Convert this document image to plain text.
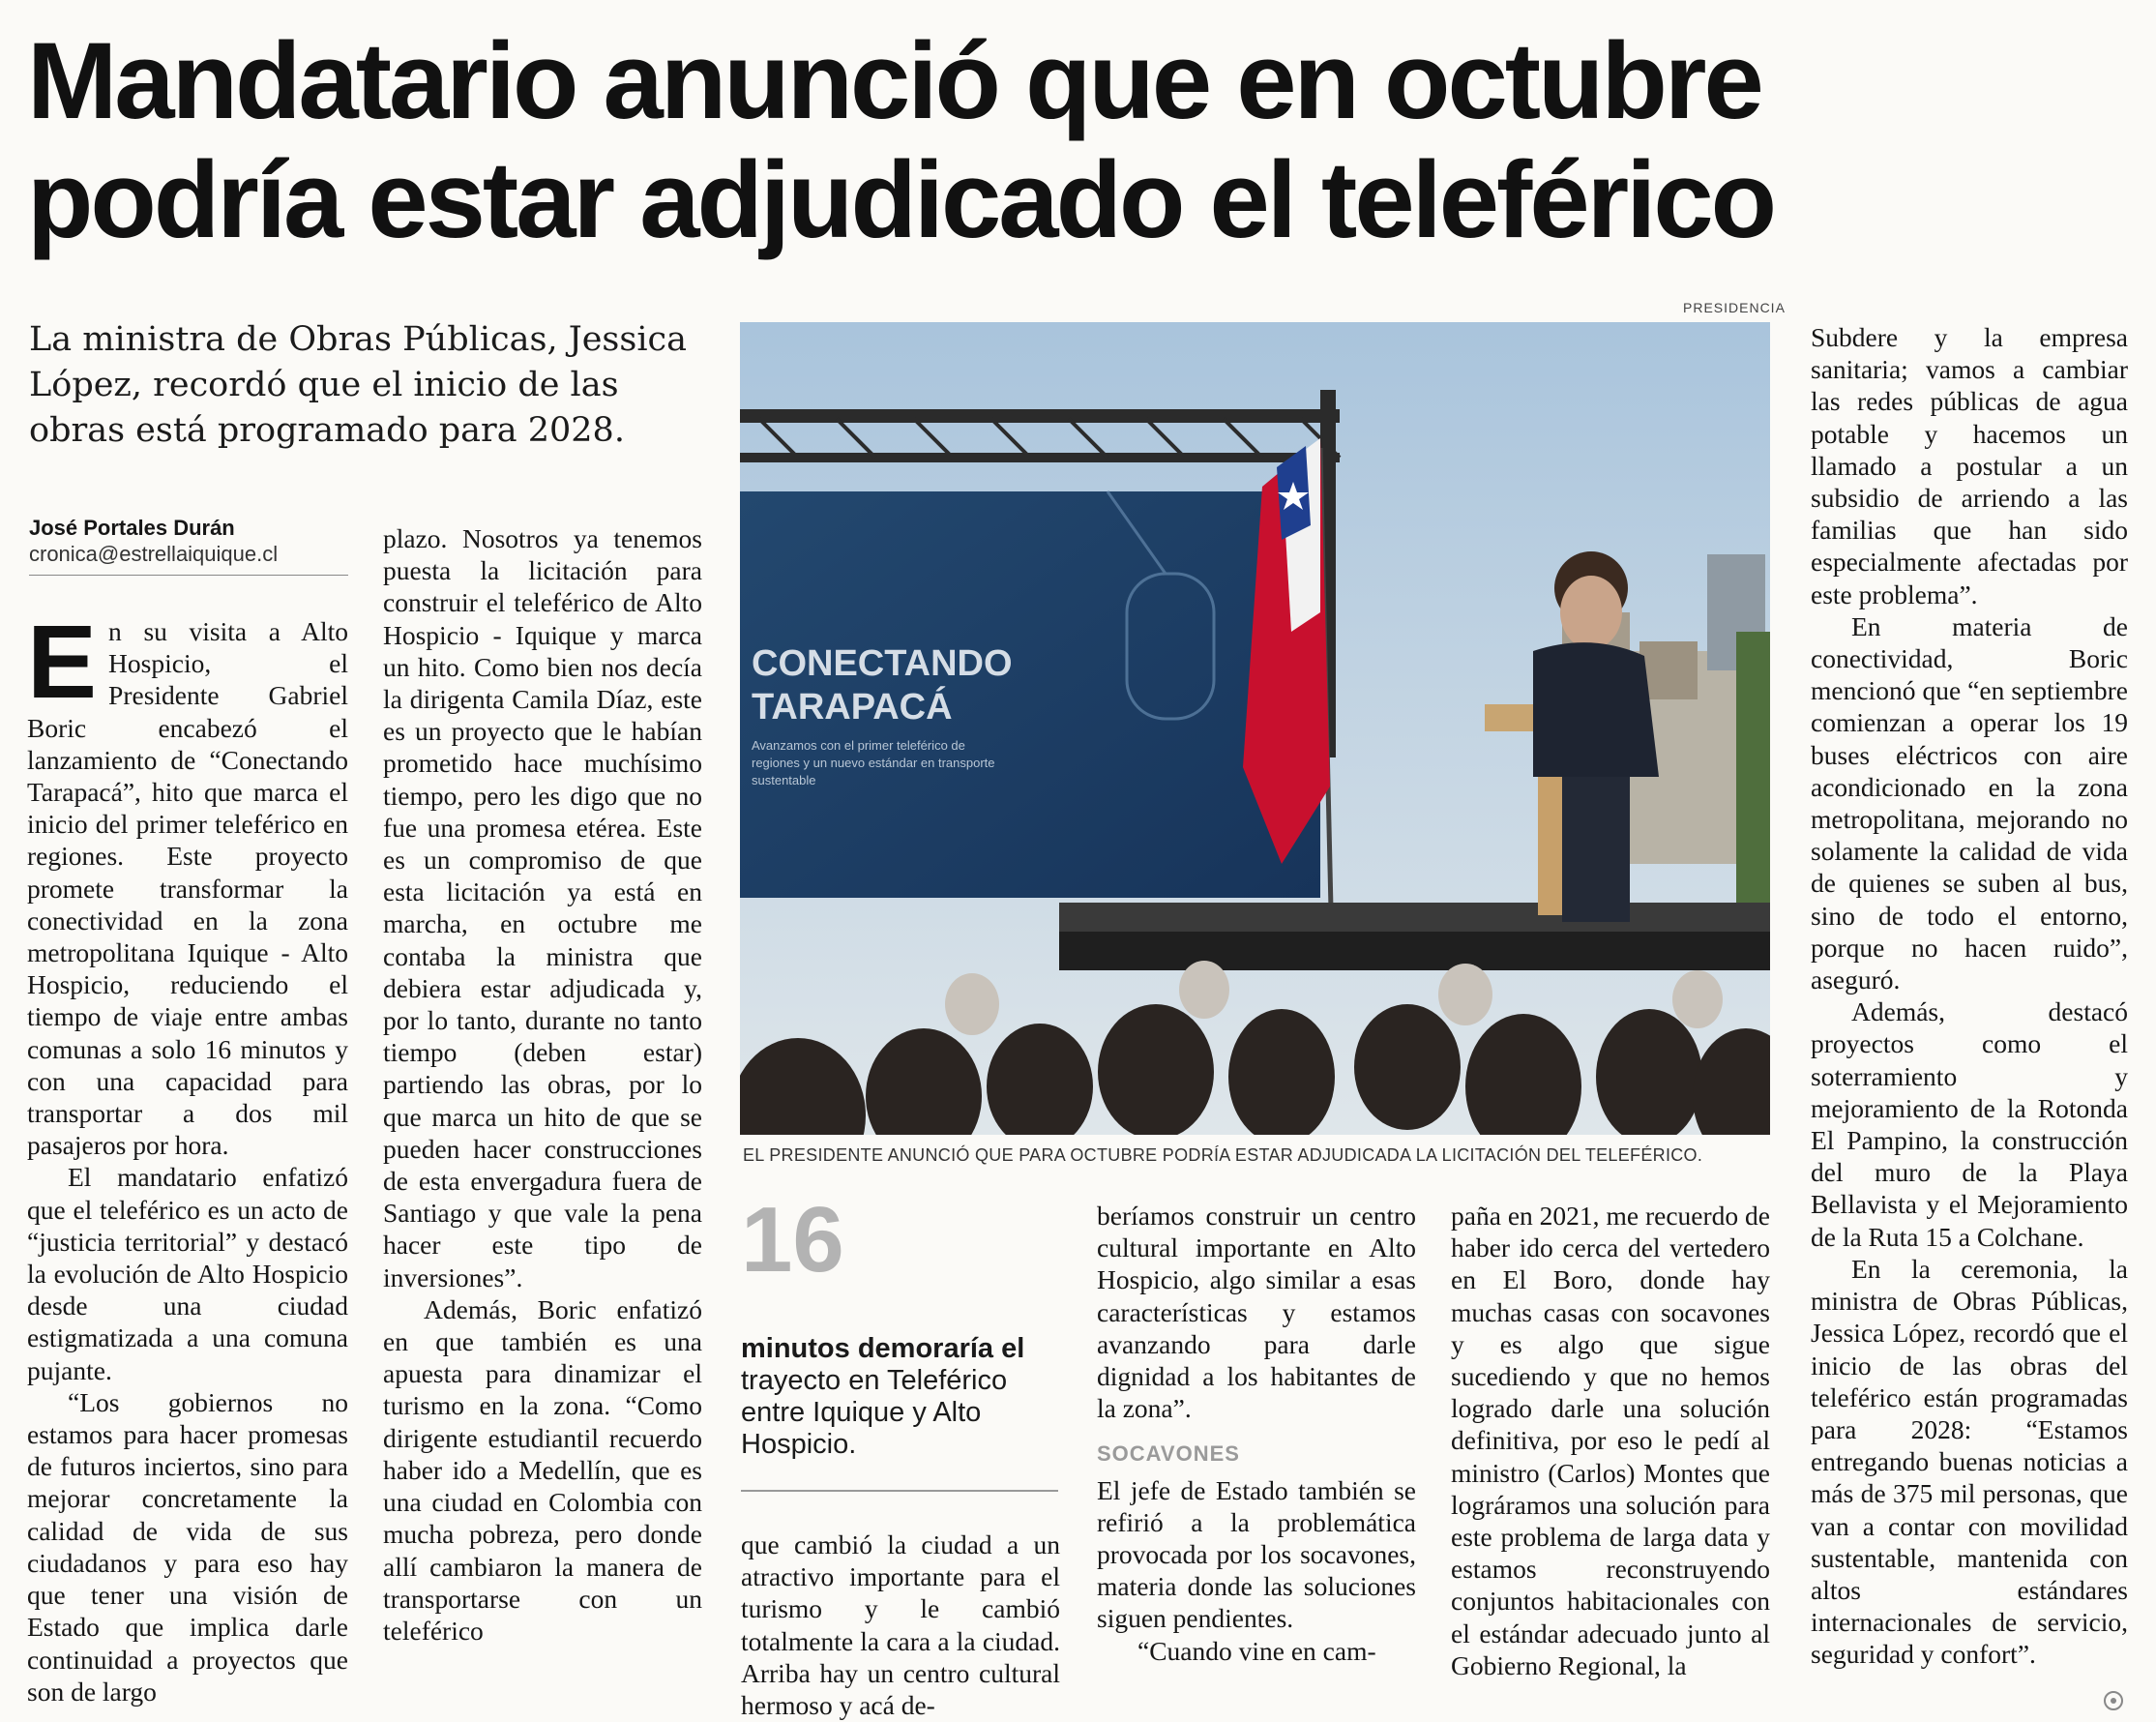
Mandatario anunció que en octubre
podría estar adjudicado el teleférico
La ministra de Obras Públicas, Jessica López, recordó que el inicio de las obras está programado para 2028.
José Portales Durán
cronica@estrellaiquique.cl

En su visita a Alto Hospicio, el Presidente Gabriel Boric encabezó el lanzamiento de “Conectando Tarapacá”, hito que marca el inicio del primer teleférico en regiones. Este proyecto promete transformar la conectividad en la zona metropolitana Iquique - Alto Hospicio, reduciendo el tiempo de viaje entre ambas comunas a solo 16 minutos y con una capacidad para transportar a dos mil pasajeros por hora.

El mandatario enfatizó que el teleférico es un acto de “justicia territorial” y destacó la evolución de Alto Hospicio desde una ciudad estigmatizada a una comuna pujante.

“Los gobiernos no estamos para hacer promesas de futuros inciertos, sino para mejorar concretamente la calidad de vida de sus ciudadanos y para eso hay que tener una visión de Estado que implica darle continuidad a proyectos que son de largo

plazo. Nosotros ya tenemos puesta la licitación para construir el teleférico de Alto Hospicio - Iquique y marca un hito. Como bien nos decía la dirigenta Camila Díaz, este es un proyecto que le habían prometido hace muchísimo tiempo, pero les digo que no fue una promesa etérea. Este es un compromiso de que esta licitación ya está en marcha, en octubre me contaba la ministra que debiera estar adjudicada y, por lo tanto, durante no tanto tiempo (deben estar) partiendo las obras, por lo que marca un hito de que se pueden hacer construcciones de esta envergadura fuera de Santiago y que vale la pena hacer este tipo de inversiones”.

Además, Boric enfatizó en que también es una apuesta para dinamizar el turismo en la zona. “Como dirigente estudiantil recuerdo haber ido a Medellín, que es una ciudad en Colombia con mucha pobreza, pero donde allí cambiaron la manera de transportarse con un teleférico

PRESIDENCIA
CONECTANDO
TARAPACÁ
Avanzamos con el primer teleférico de
regiones y un nuevo estándar en transporte
sustentable
EL PRESIDENTE ANUNCIÓ QUE PARA OCTUBRE PODRÍA ESTAR ADJUDICADA LA LICITACIÓN DEL TELEFÉRICO.
16
minutos demoraría el trayecto en Teleférico entre Iquique y Alto Hospicio.

que cambió la ciudad a un atractivo importante para el turismo y le cambió totalmente la cara a la ciudad. Arriba hay un centro cultural hermoso y acá de-

beríamos construir un centro cultural importante en Alto Hospicio, algo similar a esas características y estamos avanzando para darle dignidad a los habitantes de la zona”.

SOCAVONES

El jefe de Estado también se refirió a la problemática provocada por los socavones, materia donde las soluciones siguen pendientes.

“Cuando vine en cam-

paña en 2021, me recuerdo de haber ido cerca del vertedero en El Boro, donde hay muchas casas con socavones y es algo que sigue sucediendo y que no hemos logrado darle una solución definitiva, por eso le pedí al ministro (Carlos) Montes que lográramos una solución para este problema de larga data y estamos reconstruyendo conjuntos habitacionales con el estándar adecuado junto al Gobierno Regional, la

Subdere y la empresa sanitaria; vamos a cambiar las redes públicas de agua potable y hacemos un llamado a postular a un subsidio de arriendo a las familias que han sido especialmente afectadas por este problema”.

En materia de conectividad, Boric mencionó que “en septiembre comienzan a operar los 19 buses eléctricos con aire acondicionado en la zona metropolitana, mejorando no solamente la calidad de vida de quienes se suben al bus, sino de todo el entorno, porque no hacen ruido”, aseguró.

Además, destacó proyectos como el soterramiento y mejoramiento de la Rotonda El Pampino, la construcción del muro de la Playa Bellavista y el Mejoramiento de la Ruta 15 a Colchane.

En la ceremonia, la ministra de Obras Públicas, Jessica López, recordó que el inicio de las obras del teleférico están programadas para 2028: “Estamos entregando buenas noticias a más de 375 mil personas, que van a contar con movilidad sustentable, mantenida con altos estándares internacionales de servicio, seguridad y confort”.
